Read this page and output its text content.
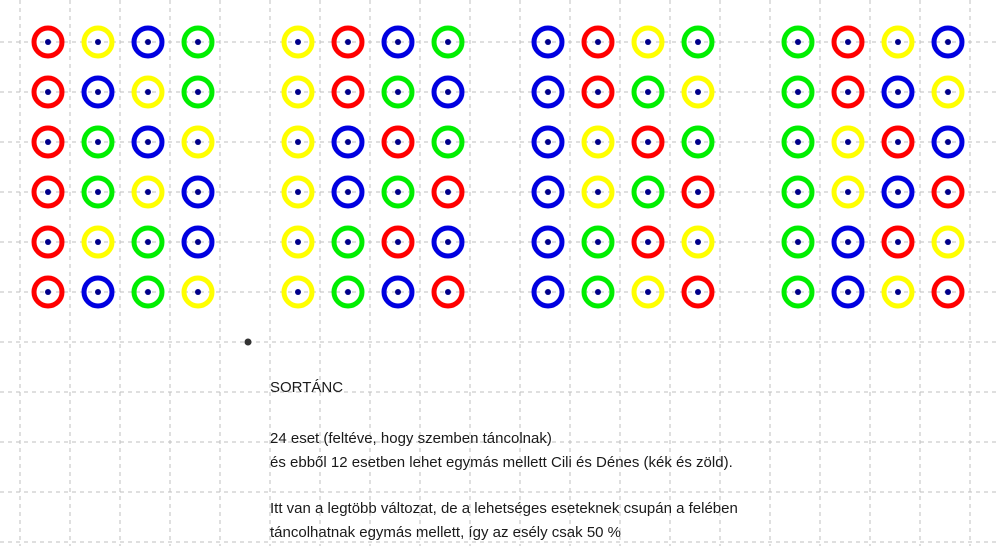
SORTÁNC

24 eset (feltéve, hogy szemben táncolnak)

és ebből 12 esetben lehet egymás mellett Cili és Dénes (kék és zöld).

Itt van a legtöbb változat, de a lehetséges eseteknek csupán a felében

táncolhatnak egymás mellett, így az esély csak 50 %
